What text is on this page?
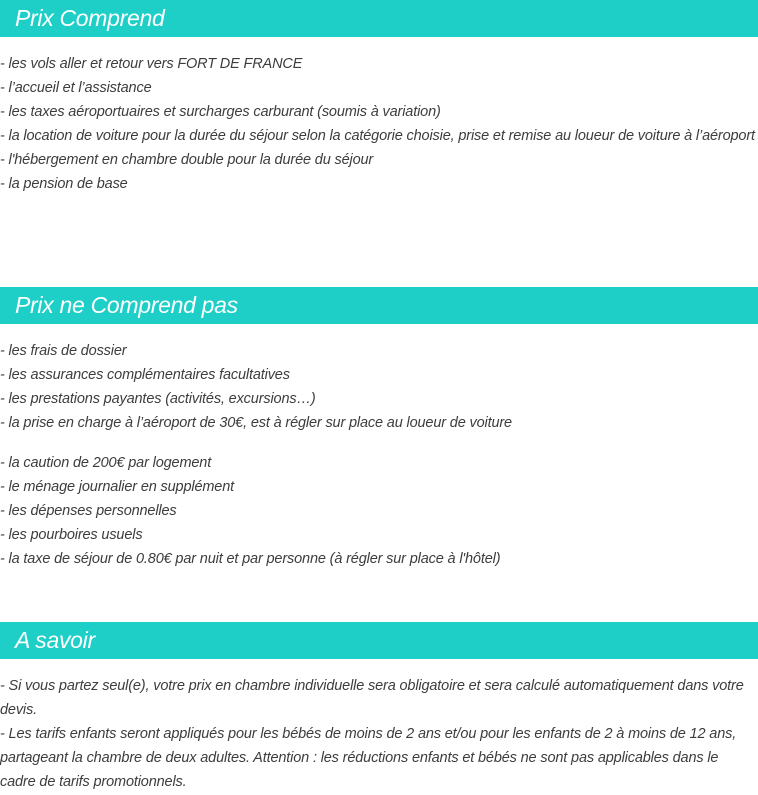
Prix Comprend
- les vols aller et retour vers FORT DE FRANCE
- l’accueil et l’assistance
- les taxes aéroportuaires et surcharges carburant (soumis à variation)
- la location de voiture pour la durée du séjour selon la catégorie choisie, prise et remise au loueur de voiture à l’aéroport
- l'hébergement en chambre double pour la durée du séjour
- la pension de base
Prix ne Comprend pas
- les frais de dossier
- les assurances complémentaires facultatives
- les prestations payantes (activités, excursions…)
- la prise en charge à l’aéroport de 30€, est à régler sur place au loueur de voiture
- la caution de 200€ par logement
- le ménage journalier en supplément
- les dépenses personnelles
- les pourboires usuels
- la taxe de séjour de 0.80€ par nuit et par personne (à régler sur place à l'hôtel)
A savoir
- Si vous partez seul(e), votre prix en chambre individuelle sera obligatoire et sera calculé automatiquement dans votre devis.
- Les tarifs enfants seront appliqués pour les bébés de moins de 2 ans et/ou pour les enfants de 2 à moins de 12 ans, partageant la chambre de deux adultes. Attention : les réductions enfants et bébés ne sont pas applicables dans le cadre de tarifs promotionnels.
